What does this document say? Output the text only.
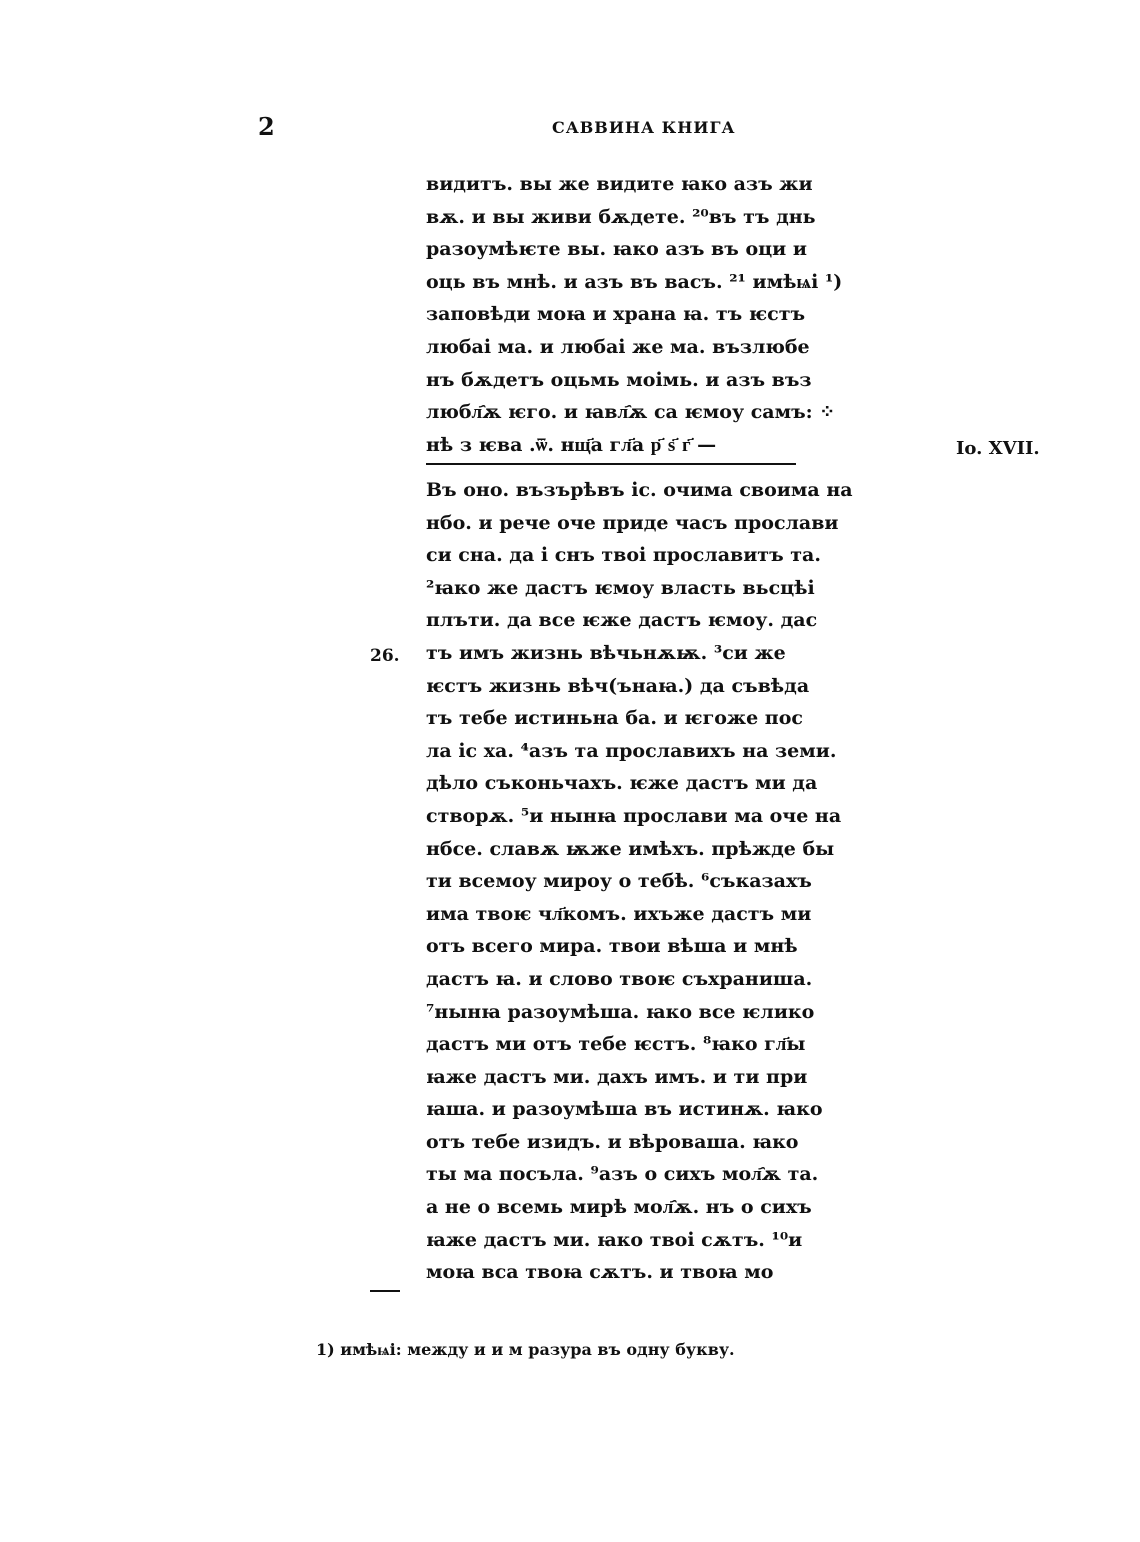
2	САВВИНА КНИГА
видитъ. вы же видите ꙗко азъ жи
вѫ. и вы живи бѫдете. ²⁰въ тъ днь
разоумѣѥте вы. ꙗко азъ въ оци и
оць въ мнѣ. и азъ въ васъ. ²¹ имѣѩі ¹)
заповѣди моꙗ и храна ꙗ. тъ ѥстъ
любаі ма. и любаі же ма. възлюбе
нъ бѫдетъ оцьмь моімь. и азъ въз
любл҄ѫ ѥго. и ꙗвл҄ѫ са ѥмоу самъ: ⁘
нѣ з ѥва .ѿ. нщ҃а гл҃а р҃ ѕ҃ г҃ —	Io. XVII.
Въ оно. възърѣвъ іс. очима своима на
нбо. и рече оче приде часъ прослави
си сна. да і снъ твоі прославитъ та.
²ꙗко же дастъ ѥмоу власть вьсцѣі
плъти. да все ѥже дастъ ѥмоу. дас
тъ имъ жизнь вѣчьнѫѭ. ³си же
ѥстъ жизнь вѣч(ънаꙗ.) да съвѣда
тъ тебе истиньна ба. и ѥгоже пос
ла іс ха. ⁴азъ та прославихъ на земи.
дѣло съконьчахъ. ѥже дастъ ми да
створѫ. ⁵и нынꙗ прослави ма оче на
нбсе. славѫ ѭже имѣхъ. прѣжде бы
ти всемоу мироу о тебѣ. ⁶съказахъ
има твоѥ чл҃комъ. ихъже дастъ ми
отъ всего мира. твои вѣша и мнѣ
дастъ ꙗ. и слово твоѥ съхраниша.
⁷нынꙗ разоумѣша. ꙗко все ѥлико
дастъ ми отъ тебе ѥстъ. ⁸ꙗко гл҃ы
ꙗже дастъ ми. дахъ имъ. и ти при
ꙗша. и разоумѣша въ истинѫ. ꙗко
отъ тебе изидъ. и вѣроваша. ꙗко
ты ма посъла. ⁹азъ о сихъ мол҄ѫ та.
а не о всемь мирѣ мол҄ѫ. нъ о сихъ
ꙗже дастъ ми. ꙗко твоі сѫтъ. ¹⁰и
моꙗ вса твоꙗ сѫтъ. и твоꙗ мо
26.
1) имѣѩі: между и и м разура въ одну букву.
